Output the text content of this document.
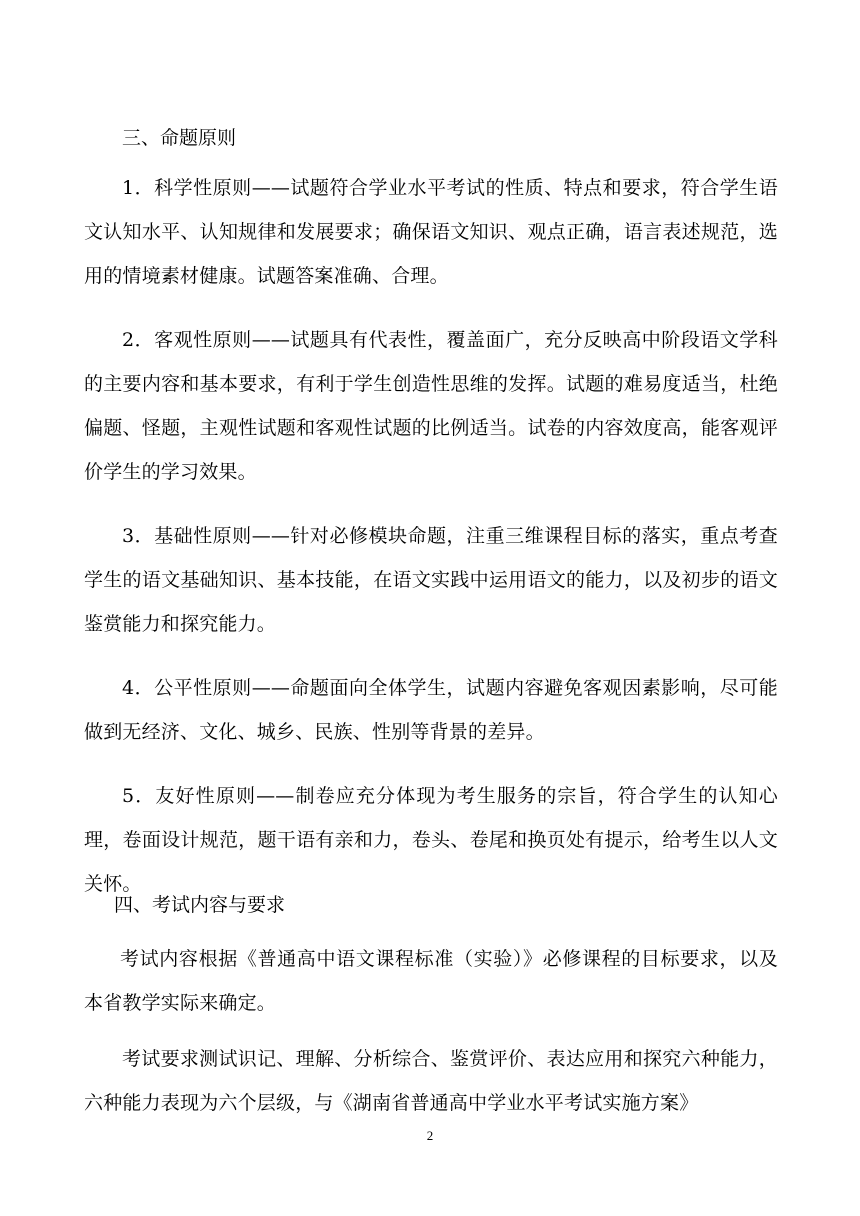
三、命题原则

1．科学性原则——试题符合学业水平考试的性质、特点和要求，符合学生语文认知水平、认知规律和发展要求；确保语文知识、观点正确，语言表述规范，选用的情境素材健康。试题答案准确、合理。

2．客观性原则——试题具有代表性，覆盖面广，充分反映高中阶段语文学科的主要内容和基本要求，有利于学生创造性思维的发挥。试题的难易度适当，杜绝偏题、怪题，主观性试题和客观性试题的比例适当。试卷的内容效度高，能客观评价学生的学习效果。

3．基础性原则——针对必修模块命题，注重三维课程目标的落实，重点考查学生的语文基础知识、基本技能，在语文实践中运用语文的能力，以及初步的语文鉴赏能力和探究能力。

4．公平性原则——命题面向全体学生，试题内容避免客观因素影响，尽可能做到无经济、文化、城乡、民族、性别等背景的差异。

5．友好性原则——制卷应充分体现为考生服务的宗旨，符合学生的认知心理，卷面设计规范，题干语有亲和力，卷头、卷尾和换页处有提示，给考生以人文关怀。

四、考试内容与要求

考试内容根据《普通高中语文课程标准（实验）》必修课程的目标要求，以及本省教学实际来确定。

考试要求测试识记、理解、分析综合、鉴赏评价、表达应用和探究六种能力，六种能力表现为六个层级，与《湖南省普通高中学业水平考试实施方案》

2
